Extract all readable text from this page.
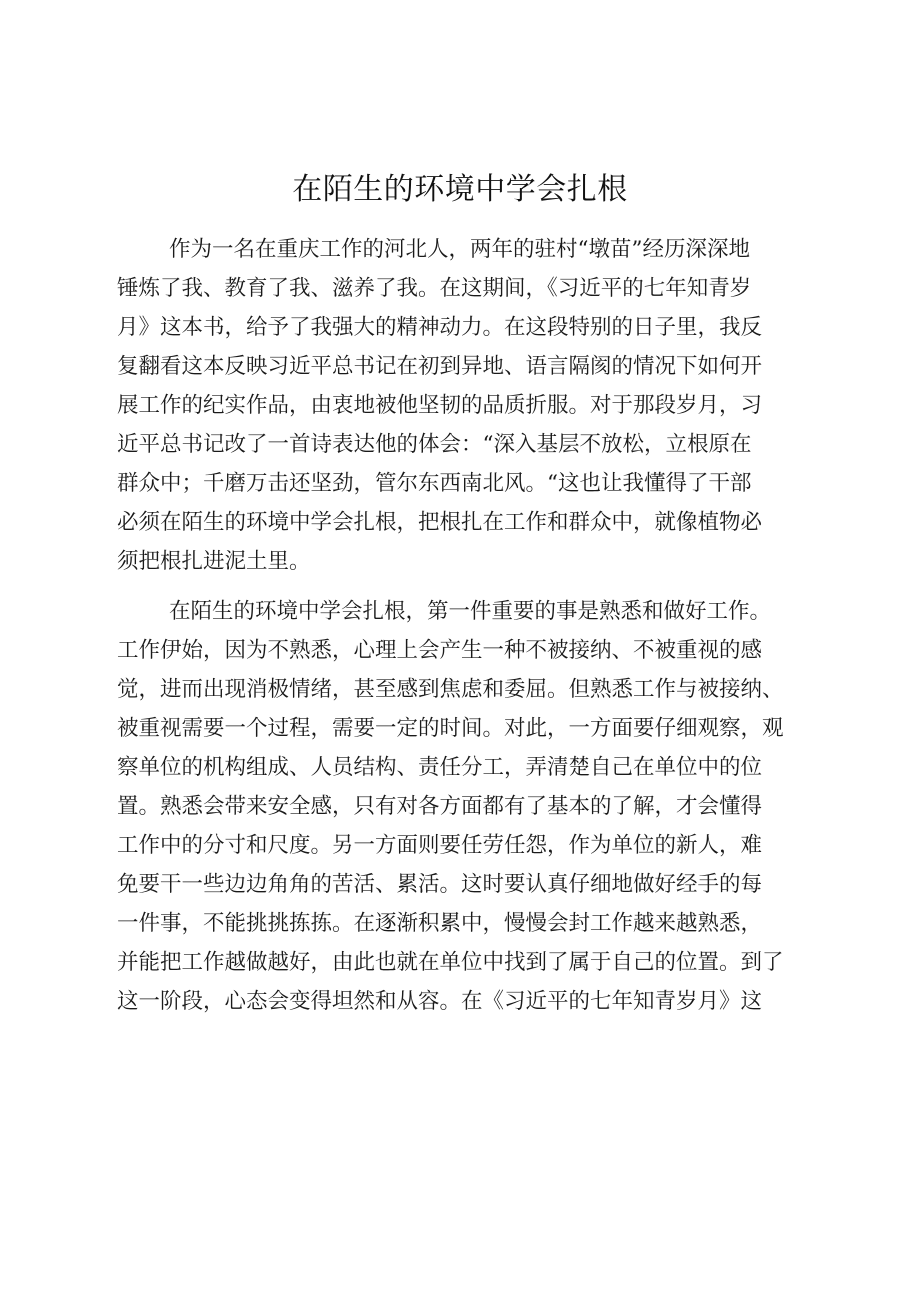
在陌生的环境中学会扎根
作为一名在重庆工作的河北人，两年的驻村“墩苗”经历深深地
锤炼了我、教育了我、滋养了我。在这期间，《习近平的七年知青岁
月》这本书，给予了我强大的精神动力。在这段特别的日子里，我反
复翻看这本反映习近平总书记在初到异地、语言隔阂的情况下如何开
展工作的纪实作品，由衷地被他坚韧的品质折服。对于那段岁月，习
近平总书记改了一首诗表达他的体会：“深入基层不放松，立根原在
群众中；千磨万击还坚劲，管尔东西南北风。“这也让我懂得了干部
必须在陌生的环境中学会扎根，把根扎在工作和群众中，就像植物必
须把根扎进泥土里。
在陌生的环境中学会扎根，第一件重要的事是熟悉和做好工作。
工作伊始，因为不熟悉，心理上会产生一种不被接纳、不被重视的感
觉，进而出现消极情绪，甚至感到焦虑和委屈。但熟悉工作与被接纳、
被重视需要一个过程，需要一定的时间。对此，一方面要仔细观察，观
察单位的机构组成、人员结构、责任分工，弄清楚自己在单位中的位
置。熟悉会带来安全感，只有对各方面都有了基本的了解，才会懂得
工作中的分寸和尺度。另一方面则要任劳任怨，作为单位的新人，难
免要干一些边边角角的苦活、累活。这时要认真仔细地做好经手的每
一件事，不能挑挑拣拣。在逐渐积累中，慢慢会封工作越来越熟悉，
并能把工作越做越好，由此也就在单位中找到了属于自己的位置。到了
这一阶段，心态会变得坦然和从容。在《习近平的七年知青岁月》这
